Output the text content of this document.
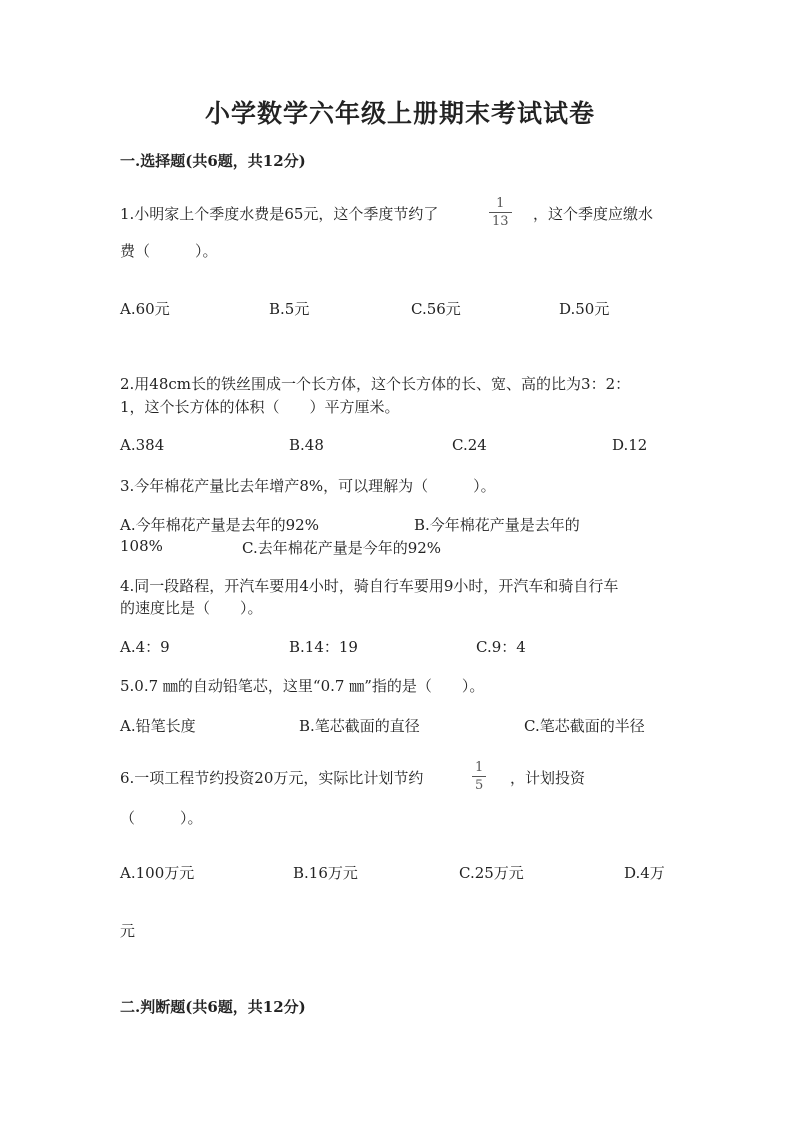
小学数学六年级上册期末考试试卷
一.选择题(共6题，共12分)
1.小明家上个季度水费是65元，这个季度节约了
1
13 ，这个季度应缴水
费（　　　）。
A.60元	B.5元	C.56元	D.50元
2.用48cm长的铁丝围成一个长方体，这个长方体的长、宽、高的比为3：2：
1，这个长方体的体积（　　）平方厘米。
A.384	B.48	C.24	D.12
3.今年棉花产量比去年增产8%，可以理解为（　　　）。
A.今年棉花产量是去年的92%	B.今年棉花产量是去年的
108%	C.去年棉花产量是今年的92%
4.同一段路程，开汽车要用4小时，骑自行车要用9小时，开汽车和骑自行车
的速度比是（　　）。
A.4：9	B.14：19	C.9：4
5.0.7 ㎜的自动铅笔芯，这里“0.7 ㎜”指的是（　　）。
A.铅笔长度	B.笔芯截面的直径	C.笔芯截面的半径
6.一项工程节约投资20万元，实际比计划节约
1
5 ，计划投资
（　　　）。
A.100万元	B.16万元	C.25万元	D.4万
元
二.判断题(共6题，共12分)
